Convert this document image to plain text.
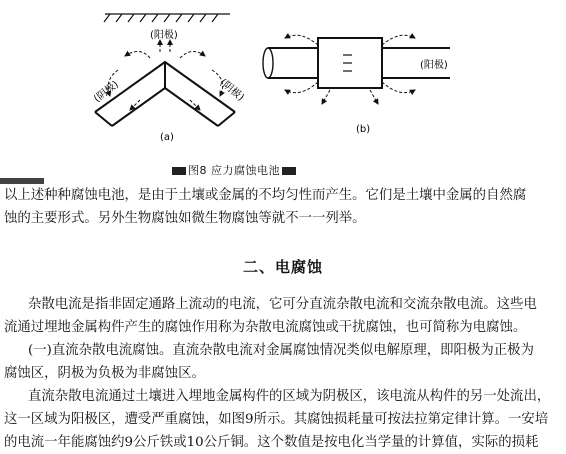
(阳极)
(阴极)	(阴极)
(a)
(阳极)
(b)
图8 应力腐蚀电池
以上述种种腐蚀电池，是由于土壤或金属的不均匀性而产生。它们是土壤中金属的自然腐
蚀的主要形式。另外生物腐蚀如微生物腐蚀等就不一一列举。
二、电腐蚀
杂散电流是指非固定通路上流动的电流，它可分直流杂散电流和交流杂散电流。这些电
流通过埋地金属构件产生的腐蚀作用称为杂散电流腐蚀或干扰腐蚀，也可简称为电腐蚀。
(一)直流杂散电流腐蚀。直流杂散电流对金属腐蚀情况类似电解原理，即阳极为正极为
腐蚀区，阴极为负极为非腐蚀区。
直流杂散电流通过土壤进入埋地金属构件的区域为阴极区，该电流从构件的另一处流出，
这一区域为阳极区，遭受严重腐蚀，如图9所示。其腐蚀损耗量可按法拉第定律计算。一安培
的电流一年能腐蚀约9公斤铁或10公斤铜。这个数值是按电化当学量的计算值，实际的损耗
